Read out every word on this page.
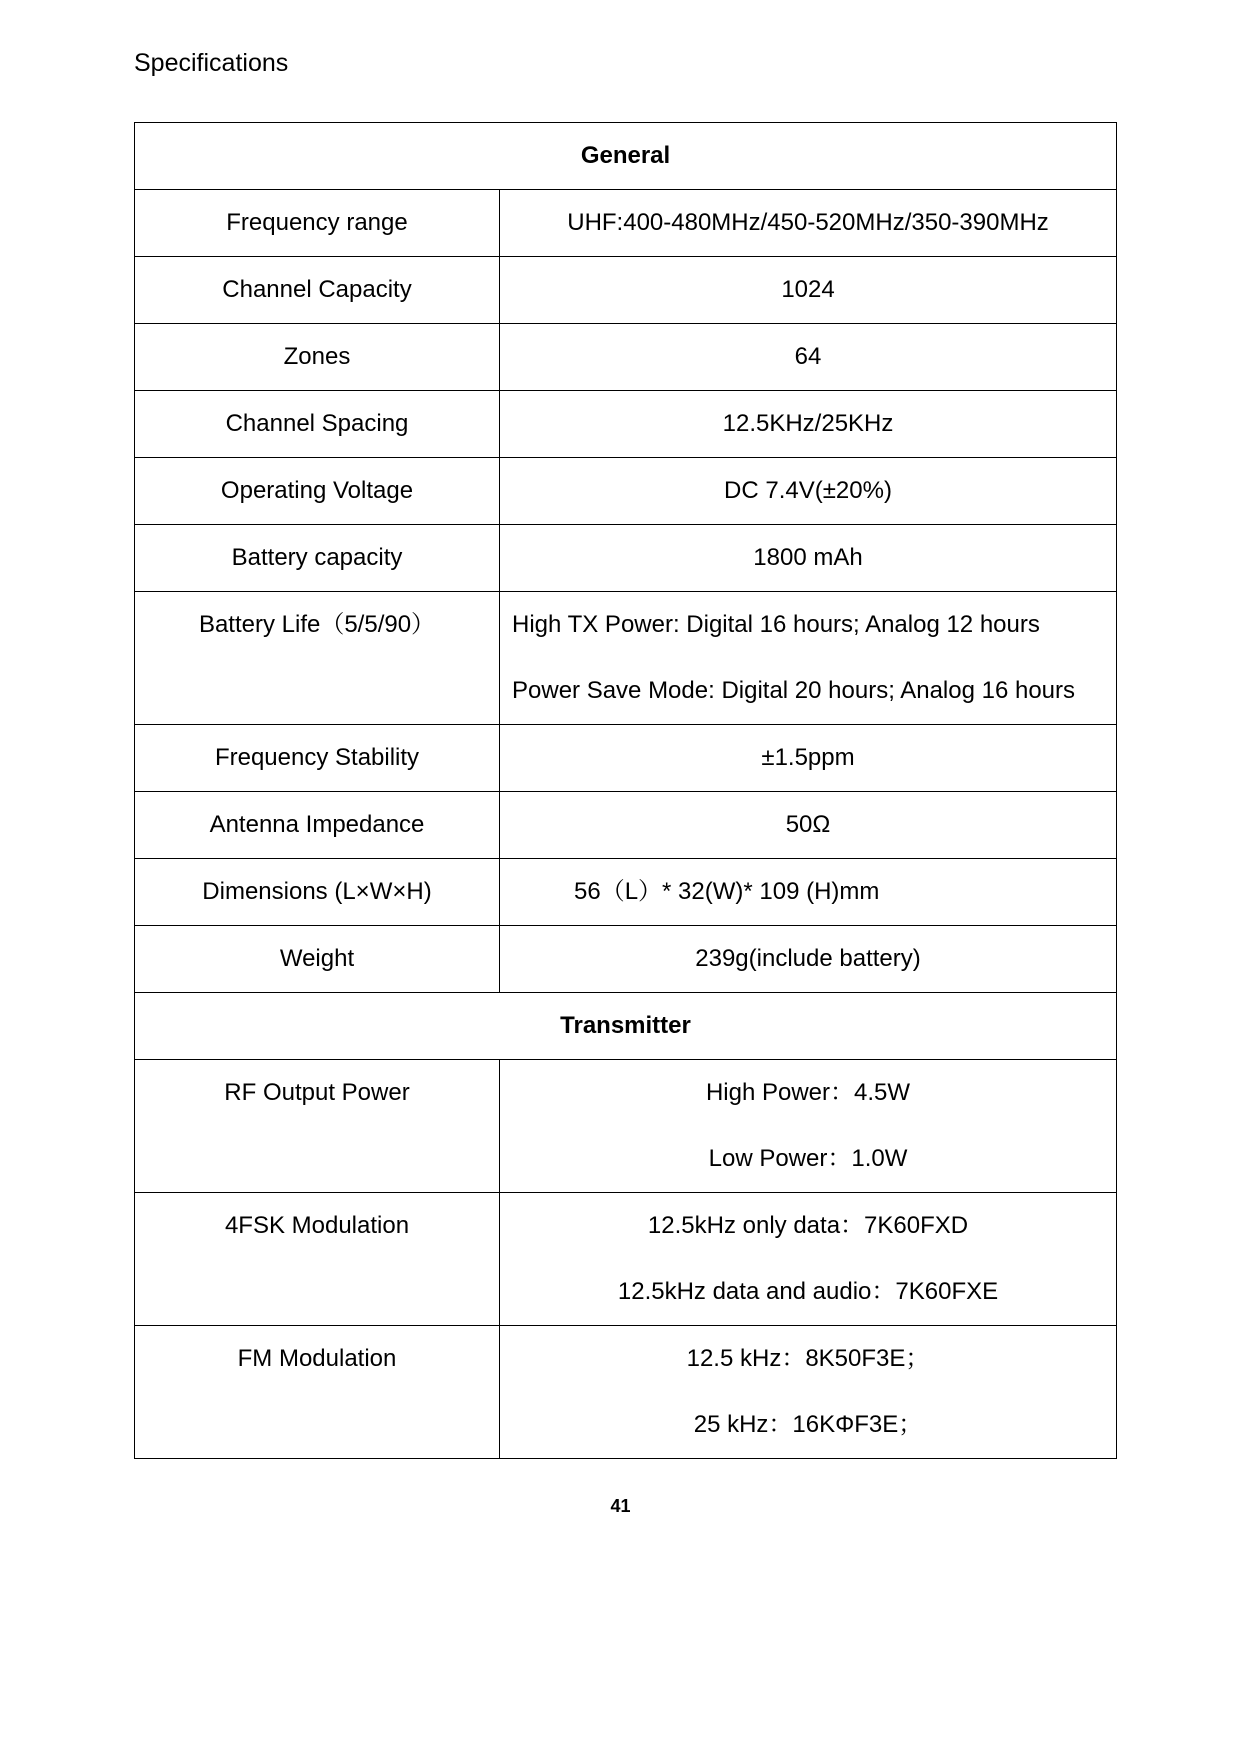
Specifications
General	
Frequency range	UHF:400-480MHz/450-520MHz/350-390MHz
Channel Capacity	1024
Zones	64
Channel Spacing	12.5KHz/25KHz
Operating Voltage	DC 7.4V(±20%)
Battery capacity	1800 mAh

Battery Life（5/5/90）	High TX Power: Digital 16 hours; Analog 12 hours
Power Save Mode: Digital 20 hours; Analog 16 hours

Frequency Stability	±1.5ppm
Antenna Impedance	50Ω
Dimensions (L×W×H)	56（L）* 32(W)* 109 (H)mm
Weight	239g(include battery)
Transmitter	

RF Output Power	High Power：4.5W
Low Power：1.0W

4FSK Modulation	12.5kHz only data：7K60FXD
12.5kHz data and audio：7K60FXE

FM Modulation	12.5 kHz：8K50F3E；
25 kHz：16KΦF3E；
41
